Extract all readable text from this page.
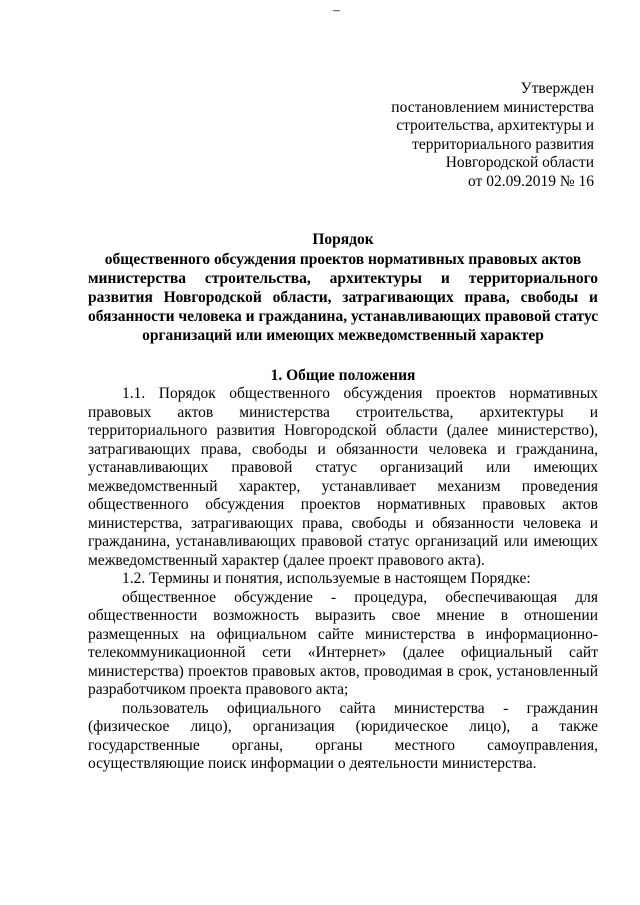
–
Утвержден
постановлением министерства
строительства, архитектуры и
территориального развития
Новгородской области
от 02.09.2019 № 16
Порядок
общественного обсуждения проектов нормативных правовых актов
министерства строительства, архитектуры и территориального
развития Новгородской области, затрагивающих права, свободы и
обязанности человека и гражданина, устанавливающих правовой статус
организаций или имеющих межведомственный характер
1. Общие положения
1.1. Порядок общественного обсуждения проектов нормативных
правовых актов министерства строительства, архитектуры и
территориального развития Новгородской области (далее министерство),
затрагивающих права, свободы и обязанности человека и гражданина,
устанавливающих правовой статус организаций или имеющих
межведомственный характер, устанавливает механизм проведения
общественного обсуждения проектов нормативных правовых актов
министерства, затрагивающих права, свободы и обязанности человека и
гражданина, устанавливающих правовой статус организаций или имеющих
межведомственный характер (далее проект правового акта).
1.2. Термины и понятия, используемые в настоящем Порядке:
общественное обсуждение - процедура, обеспечивающая для
общественности возможность выразить свое мнение в отношении
размещенных на официальном сайте министерства в информационно-
телекоммуникационной сети «Интернет» (далее официальный сайт
министерства) проектов правовых актов, проводимая в срок, установленный
разработчиком проекта правового акта;
пользователь официального сайта министерства - гражданин
(физическое лицо), организация (юридическое лицо), а также
государственные органы, органы местного самоуправления,
осуществляющие поиск информации о деятельности министерства.
